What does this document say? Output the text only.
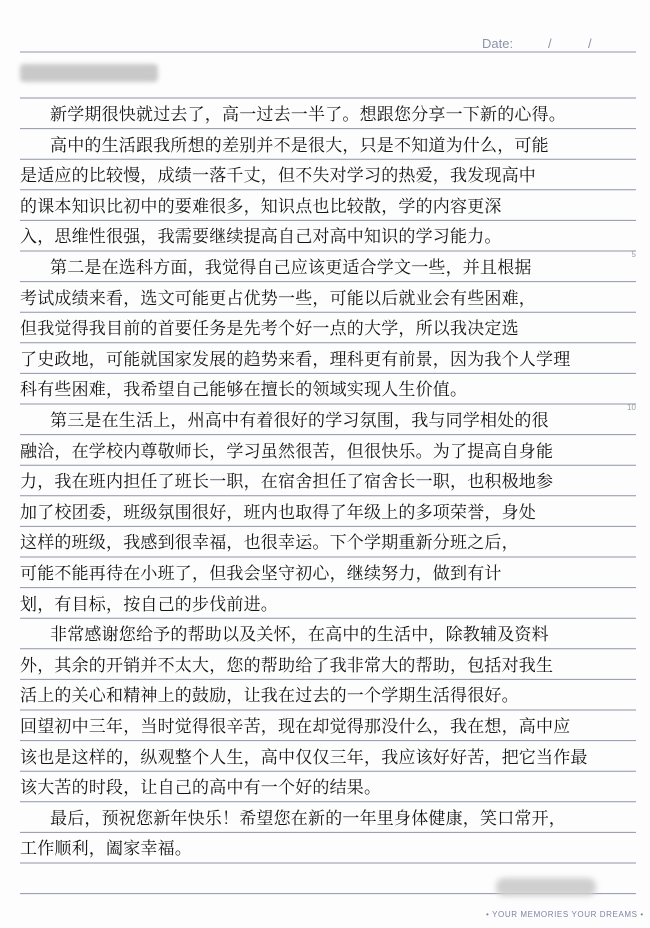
Date:	/	/
新学期很快就过去了，高一过去一半了。想跟您分享一下新的心得。
高中的生活跟我所想的差别并不是很大，只是不知道为什么，可能
是适应的比较慢，成绩一落千丈，但不失对学习的热爱，我发现高中
的课本知识比初中的要难很多，知识点也比较散，学的内容更深
入，思维性很强，我需要继续提高自己对高中知识的学习能力。
第二是在选科方面，我觉得自己应该更适合学文一些，并且根据
考试成绩来看，选文可能更占优势一些，可能以后就业会有些困难，
但我觉得我目前的首要任务是先考个好一点的大学，所以我决定选
了史政地，可能就国家发展的趋势来看，理科更有前景，因为我个人学理
科有些困难，我希望自己能够在擅长的领域实现人生价值。
第三是在生活上，州高中有着很好的学习氛围，我与同学相处的很
融洽，在学校内尊敬师长，学习虽然很苦，但很快乐。为了提高自身能
力，我在班内担任了班长一职，在宿舍担任了宿舍长一职，也积极地参
加了校团委，班级氛围很好，班内也取得了年级上的多项荣誉，身处
这样的班级，我感到很幸福，也很幸运。下个学期重新分班之后，
可能不能再待在小班了，但我会坚守初心，继续努力，做到有计
划，有目标，按自己的步伐前进。
非常感谢您给予的帮助以及关怀，在高中的生活中，除教辅及资料
外，其余的开销并不太大，您的帮助给了我非常大的帮助，包括对我生
活上的关心和精神上的鼓励，让我在过去的一个学期生活得很好。
回望初中三年，当时觉得很辛苦，现在却觉得那没什么，我在想，高中应
该也是这样的，纵观整个人生，高中仅仅三年，我应该好好苦，把它当作最
该大苦的时段，让自己的高中有一个好的结果。
最后，预祝您新年快乐！希望您在新的一年里身体健康，笑口常开，
工作顺利，阖家幸福。
5
10
• YOUR MEMORIES YOUR DREAMS •
